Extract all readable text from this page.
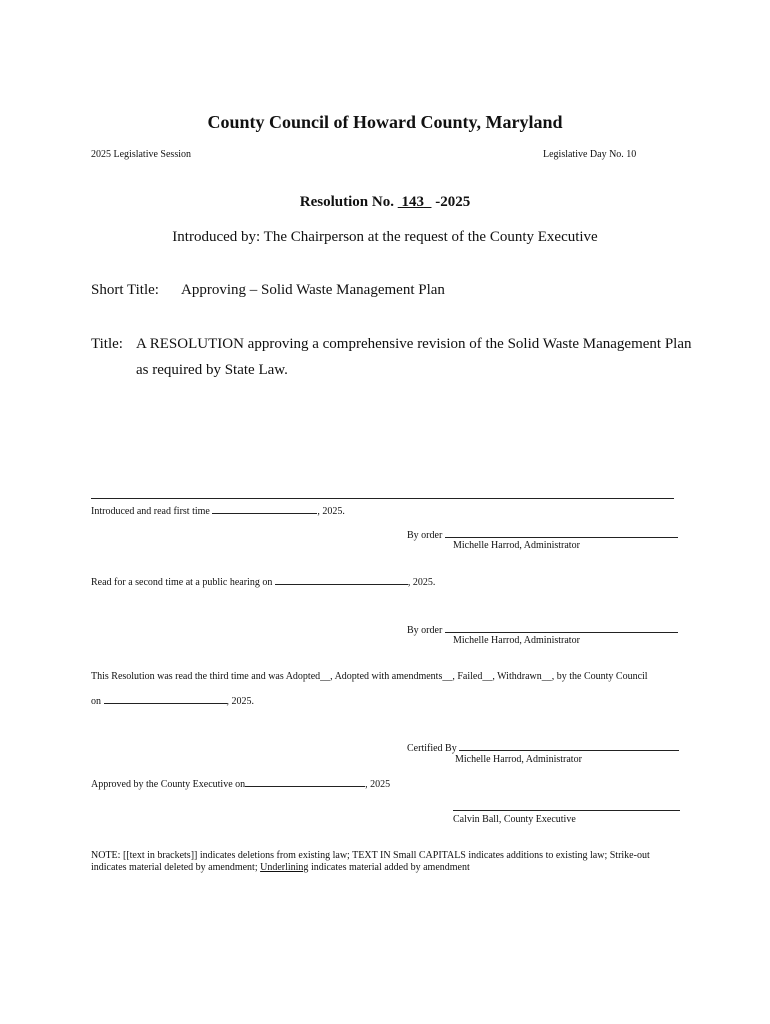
County Council of Howard County, Maryland
2025 Legislative Session	Legislative Day No. 10
Resolution No. 143 -2025
Introduced by: The Chairperson at the request of the County Executive
Short Title: Approving – Solid Waste Management Plan
Title: A RESOLUTION approving a comprehensive revision of the Solid Waste Management Plan
as required by State Law.
Introduced and read first time	, 2025.
By order
Michelle Harrod, Administrator
Read for a second time at a public hearing on	, 2025.
By order
Michelle Harrod, Administrator
This Resolution was read the third time and was Adopted__, Adopted with amendments__, Failed__, Withdrawn__, by the County Council
on	, 2025.
Certified By
Michelle Harrod, Administrator
Approved by the County Executive on	, 2025
Calvin Ball, County Executive
NOTE: [[text in brackets]] indicates deletions from existing law; TEXT IN Small CAPITALS indicates additions to existing law; Strike-out
indicates material deleted by amendment; Underlining indicates material added by amendment
